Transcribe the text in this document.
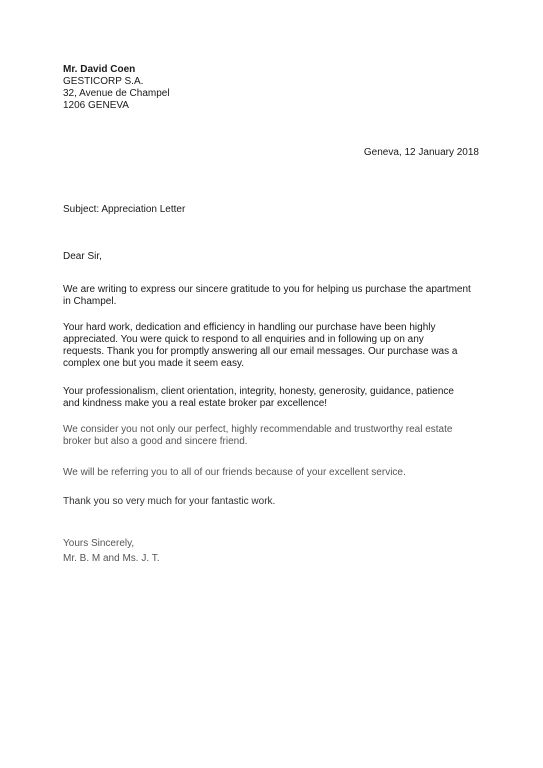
Mr. David Coen
GESTICORP S.A.
32, Avenue de Champel
1206 GENEVA
Geneva, 12 January 2018
Subject: Appreciation Letter
Dear Sir,
We are writing to express our sincere gratitude to you for helping us purchase the apartment
in Champel.
Your hard work, dedication and efficiency in handling our purchase have been highly
appreciated. You were quick to respond to all enquiries and in following up on any
requests. Thank you for promptly answering all our email messages. Our purchase was a
complex one but you made it seem easy.
Your professionalism, client orientation, integrity, honesty, generosity, guidance, patience
and kindness make you a real estate broker par excellence!
We consider you not only our perfect, highly recommendable and trustworthy real estate
broker but also a good and sincere friend.
We will be referring you to all of our friends because of your excellent service.
Thank you so very much for your fantastic work.
Yours Sincerely,
Mr. B. M and Ms. J. T.
